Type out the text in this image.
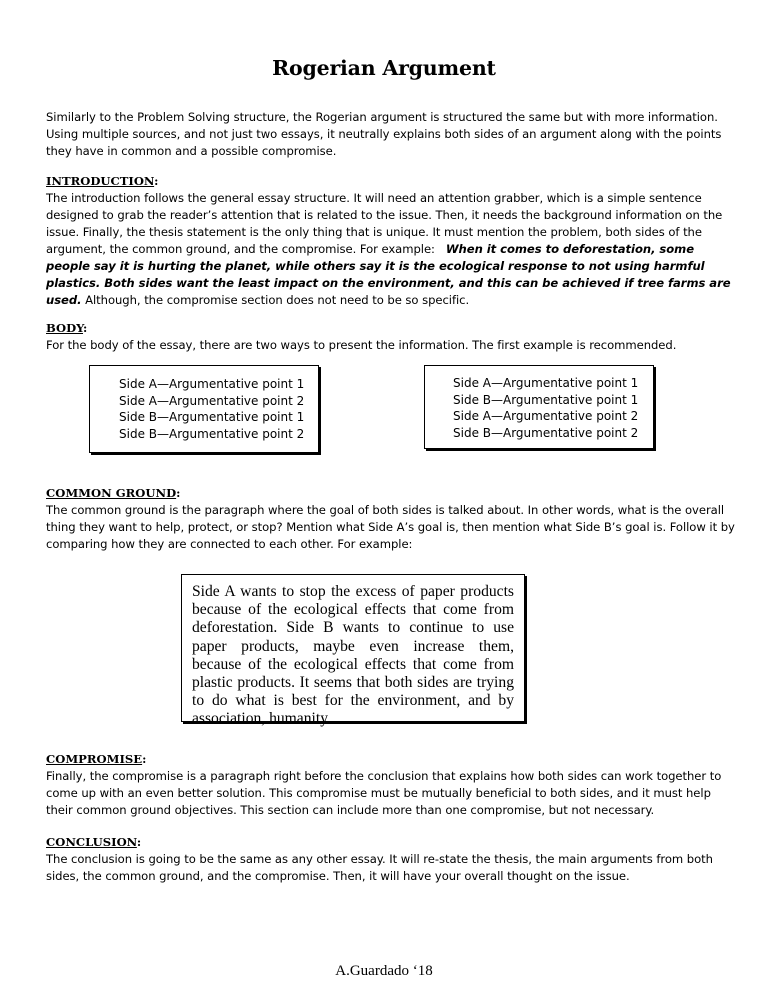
Rogerian Argument
Similarly to the Problem Solving structure, the Rogerian argument is structured the same but with more information. Using multiple sources, and not just two essays, it neutrally explains both sides of an argument along with the points they have in common and a possible compromise.
INTRODUCTION:
The introduction follows the general essay structure. It will need an attention grabber, which is a simple sentence designed to grab the reader’s attention that is related to the issue. Then, it needs the background information on the issue. Finally, the thesis statement is the only thing that is unique. It must mention the problem, both sides of the argument, the common ground, and the compromise. For example: When it comes to deforestation, some people say it is hurting the planet, while others say it is the ecological response to not using harmful plastics. Both sides want the least impact on the environment, and this can be achieved if tree farms are used. Although, the compromise section does not need to be so specific.
BODY:
For the body of the essay, there are two ways to present the information. The first example is recommended.
Side A—Argumentative point 1
Side A—Argumentative point 2
Side B—Argumentative point 1
Side B—Argumentative point 2
Side A—Argumentative point 1
Side B—Argumentative point 1
Side A—Argumentative point 2
Side B—Argumentative point 2
COMMON GROUND:
The common ground is the paragraph where the goal of both sides is talked about. In other words, what is the overall thing they want to help, protect, or stop? Mention what Side A’s goal is, then mention what Side B’s goal is. Follow it by comparing how they are connected to each other. For example:
Side A wants to stop the excess of paper products because of the ecological effects that come from deforestation. Side B wants to continue to use paper products, maybe even increase them, because of the ecological effects that come from plastic products. It seems that both sides are trying to do what is best for the environment, and by association, humanity.
COMPROMISE:
Finally, the compromise is a paragraph right before the conclusion that explains how both sides can work together to come up with an even better solution. This compromise must be mutually beneficial to both sides, and it must help their common ground objectives. This section can include more than one compromise, but not necessary.
CONCLUSION:
The conclusion is going to be the same as any other essay. It will re-state the thesis, the main arguments from both sides, the common ground, and the compromise. Then, it will have your overall thought on the issue.
A.Guardado ‘18
